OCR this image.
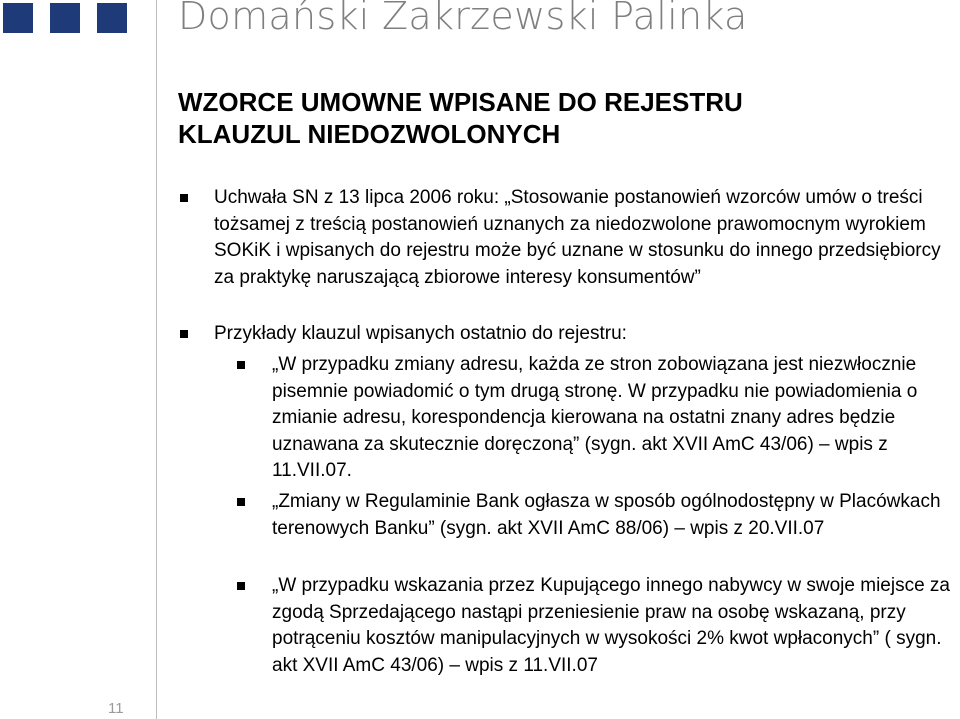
Domański Zakrzewski Palinka
11
WZORCE UMOWNE WPISANE DO REJESTRU
KLAUZUL NIEDOZWOLONYCH
Uchwała SN z 13 lipca 2006 roku: „Stosowanie postanowień wzorców umów o treści tożsamej z treścią postanowień uznanych za niedozwolone prawomocnym wyrokiem SOKiK i wpisanych do rejestru może być uznane w stosunku do innego przedsiębiorcy za praktykę naruszającą zbiorowe interesy konsumentów”
Przykłady klauzul wpisanych ostatnio do rejestru:
„W przypadku zmiany adresu, każda ze stron zobowiązana jest niezwłocznie pisemnie powiadomić o tym drugą stronę. W przypadku nie powiadomienia o zmianie adresu, korespondencja kierowana na ostatni znany adres będzie uznawana za skutecznie doręczoną” (sygn. akt XVII AmC 43/06) – wpis z 11.VII.07.
„Zmiany w Regulaminie Bank ogłasza w sposób ogólnodostępny w Placówkach terenowych Banku” (sygn. akt XVII AmC 88/06) – wpis z 20.VII.07
„W przypadku wskazania przez Kupującego innego nabywcy w swoje miejsce za zgodą Sprzedającego nastąpi przeniesienie praw na osobę wskazaną, przy potrąceniu kosztów manipulacyjnych w wysokości 2% kwot wpłaconych” ( sygn. akt XVII AmC 43/06) – wpis z 11.VII.07
